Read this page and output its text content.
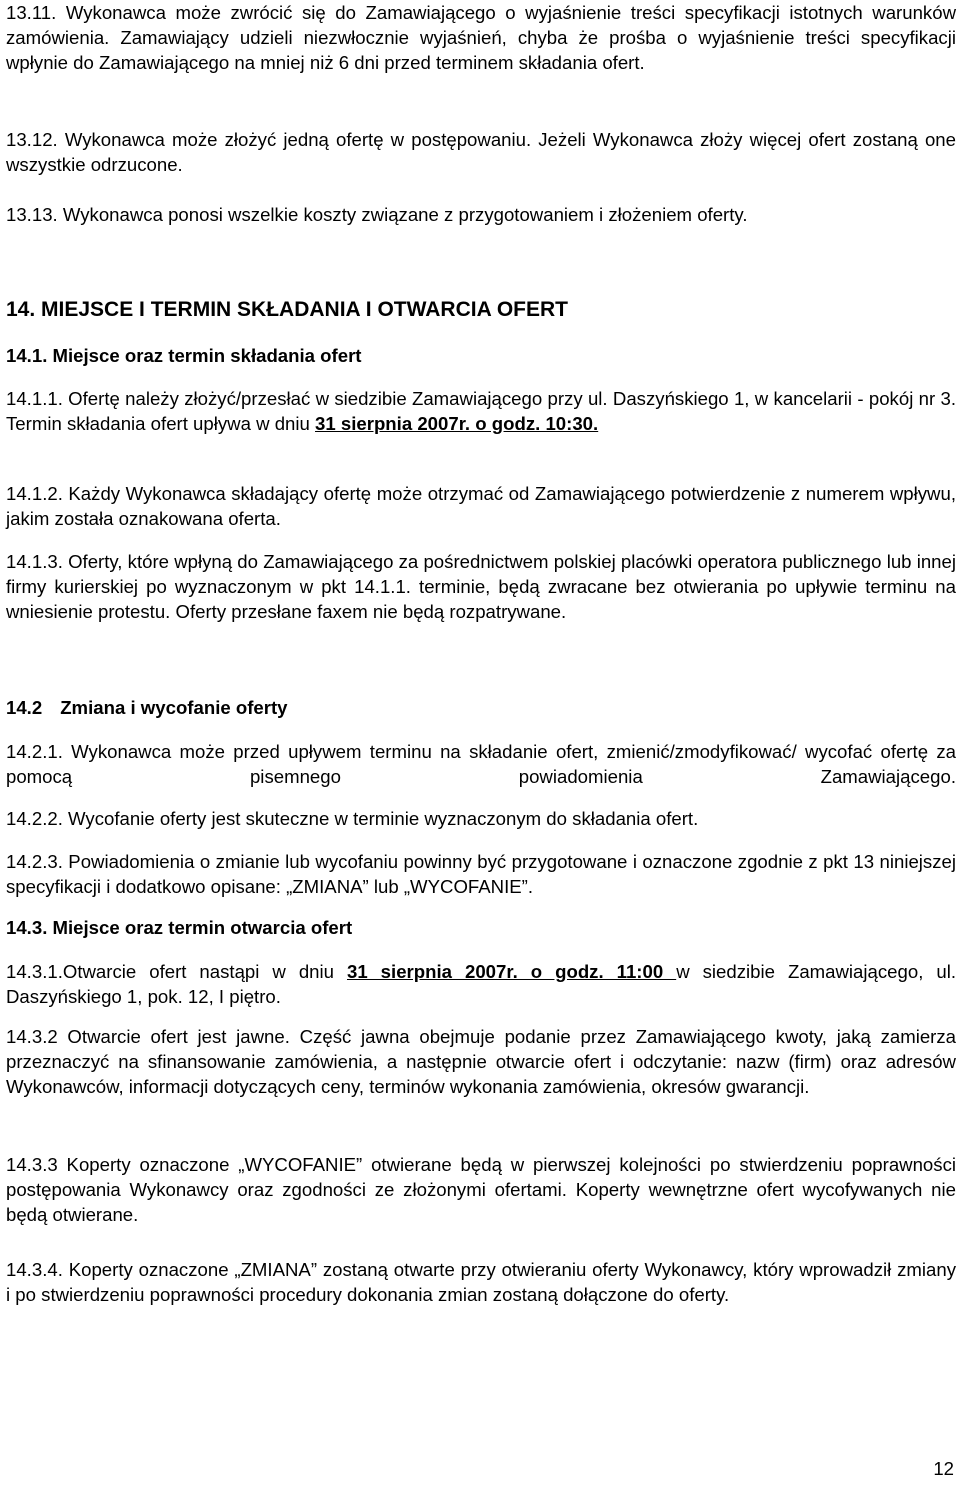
13.11. Wykonawca może zwrócić się do Zamawiającego o wyjaśnienie treści specyfikacji istotnych warunków zamówienia. Zamawiający udzieli niezwłocznie wyjaśnień, chyba że prośba o wyjaśnienie treści specyfikacji wpłynie do Zamawiającego na mniej niż 6 dni przed terminem składania ofert.

13.12. Wykonawca może złożyć jedną ofertę w postępowaniu. Jeżeli Wykonawca złoży więcej ofert zostaną one wszystkie odrzucone.

13.13. Wykonawca ponosi wszelkie koszty związane z przygotowaniem i złożeniem oferty.

14. MIEJSCE I TERMIN SKŁADANIA I OTWARCIA OFERT

14.1. Miejsce oraz termin składania ofert

14.1.1. Ofertę należy złożyć/przesłać w siedzibie Zamawiającego przy ul. Daszyńskiego 1, w kancelarii - pokój nr 3. Termin składania ofert upływa w dniu 31 sierpnia 2007r. o godz. 10:30.

14.1.2. Każdy Wykonawca składający ofertę może otrzymać od Zamawiającego potwierdzenie z numerem wpływu, jakim została oznakowana oferta.

14.1.3. Oferty, które wpłyną do Zamawiającego za pośrednictwem polskiej placówki operatora publicznego lub innej firmy kurierskiej po wyznaczonym w pkt 14.1.1. terminie, będą zwracane bez otwierania po upływie terminu na wniesienie protestu. Oferty przesłane faxem nie będą rozpatrywane.

14.2 Zmiana i wycofanie oferty

14.2.1. Wykonawca może przed upływem terminu na składanie ofert, zmienić/zmodyfikować/ wycofać ofertę za pomocą pisemnego powiadomienia Zamawiającego.

14.2.2. Wycofanie oferty jest skuteczne w terminie wyznaczonym do składania ofert.

14.2.3. Powiadomienia o zmianie lub wycofaniu powinny być przygotowane i oznaczone zgodnie z pkt 13 niniejszej specyfikacji i dodatkowo opisane: „ZMIANA” lub „WYCOFANIE”.

14.3. Miejsce oraz termin otwarcia ofert

14.3.1.Otwarcie ofert nastąpi w dniu 31 sierpnia 2007r. o godz. 11:00 w siedzibie Zamawiającego, ul. Daszyńskiego 1, pok. 12, I piętro.

14.3.2 Otwarcie ofert jest jawne. Część jawna obejmuje podanie przez Zamawiającego kwoty, jaką zamierza przeznaczyć na sfinansowanie zamówienia, a następnie otwarcie ofert i odczytanie: nazw (firm) oraz adresów Wykonawców, informacji dotyczących ceny, terminów wykonania zamówienia, okresów gwarancji.

14.3.3 Koperty oznaczone „WYCOFANIE” otwierane będą w pierwszej kolejności po stwierdzeniu poprawności postępowania Wykonawcy oraz zgodności ze złożonymi ofertami. Koperty wewnętrzne ofert wycofywanych nie będą otwierane.

14.3.4. Koperty oznaczone „ZMIANA” zostaną otwarte przy otwieraniu oferty Wykonawcy, który wprowadził zmiany i po stwierdzeniu poprawności procedury dokonania zmian zostaną dołączone do oferty.

12
